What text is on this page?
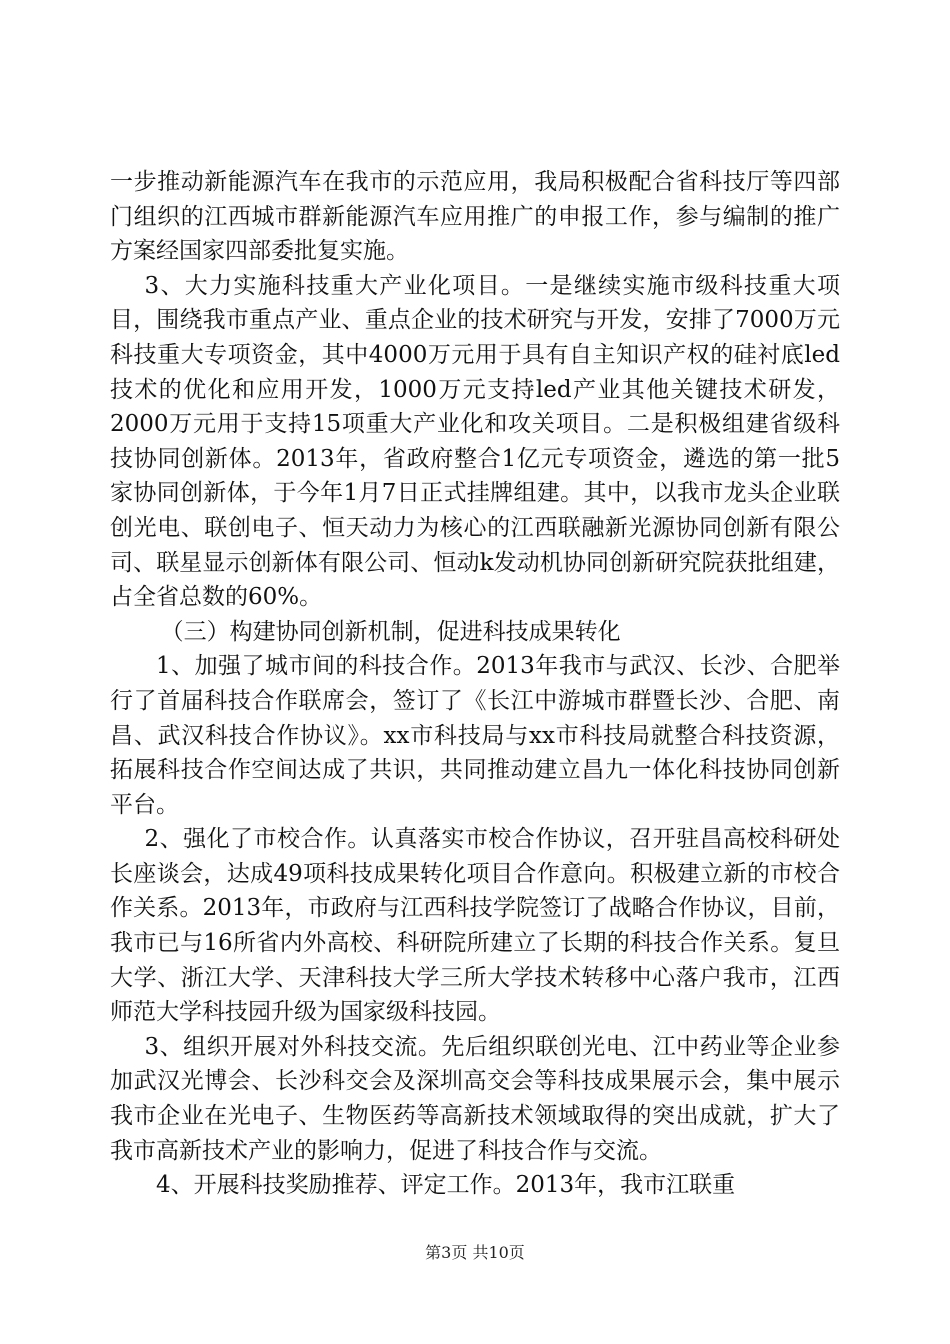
一步推动新能源汽车在我市的示范应用，我局积极配合省科技厅等四部门组织的江西城市群新能源汽车应用推广的申报工作，参与编制的推广方案经国家四部委批复实施。

3、大力实施科技重大产业化项目。一是继续实施市级科技重大项目，围绕我市重点产业、重点企业的技术研究与开发，安排了7000万元科技重大专项资金，其中4000万元用于具有自主知识产权的硅衬底led技术的优化和应用开发，1000万元支持led产业其他关键技术研发，2000万元用于支持15项重大产业化和攻关项目。二是积极组建省级科技协同创新体。2013年，省政府整合1亿元专项资金，遴选的第一批5家协同创新体，于今年1月7日正式挂牌组建。其中，以我市龙头企业联创光电、联创电子、恒天动力为核心的江西联融新光源协同创新有限公司、联星显示创新体有限公司、恒动k发动机协同创新研究院获批组建，占全省总数的60%。

（三）构建协同创新机制，促进科技成果转化

1、加强了城市间的科技合作。2013年我市与武汉、长沙、合肥举行了首届科技合作联席会，签订了《长江中游城市群暨长沙、合肥、南昌、武汉科技合作协议》。xx市科技局与xx市科技局就整合科技资源，拓展科技合作空间达成了共识，共同推动建立昌九一体化科技协同创新平台。

2、强化了市校合作。认真落实市校合作协议，召开驻昌高校科研处长座谈会，达成49项科技成果转化项目合作意向。积极建立新的市校合作关系。2013年，市政府与江西科技学院签订了战略合作协议，目前，我市已与16所省内外高校、科研院所建立了长期的科技合作关系。复旦大学、浙江大学、天津科技大学三所大学技术转移中心落户我市，江西师范大学科技园升级为国家级科技园。

3、组织开展对外科技交流。先后组织联创光电、江中药业等企业参加武汉光博会、长沙科交会及深圳高交会等科技成果展示会，集中展示我市企业在光电子、生物医药等高新技术领域取得的突出成就，扩大了我市高新技术产业的影响力，促进了科技合作与交流。

4、开展科技奖励推荐、评定工作。2013年，我市江联重

第3页 共10页
